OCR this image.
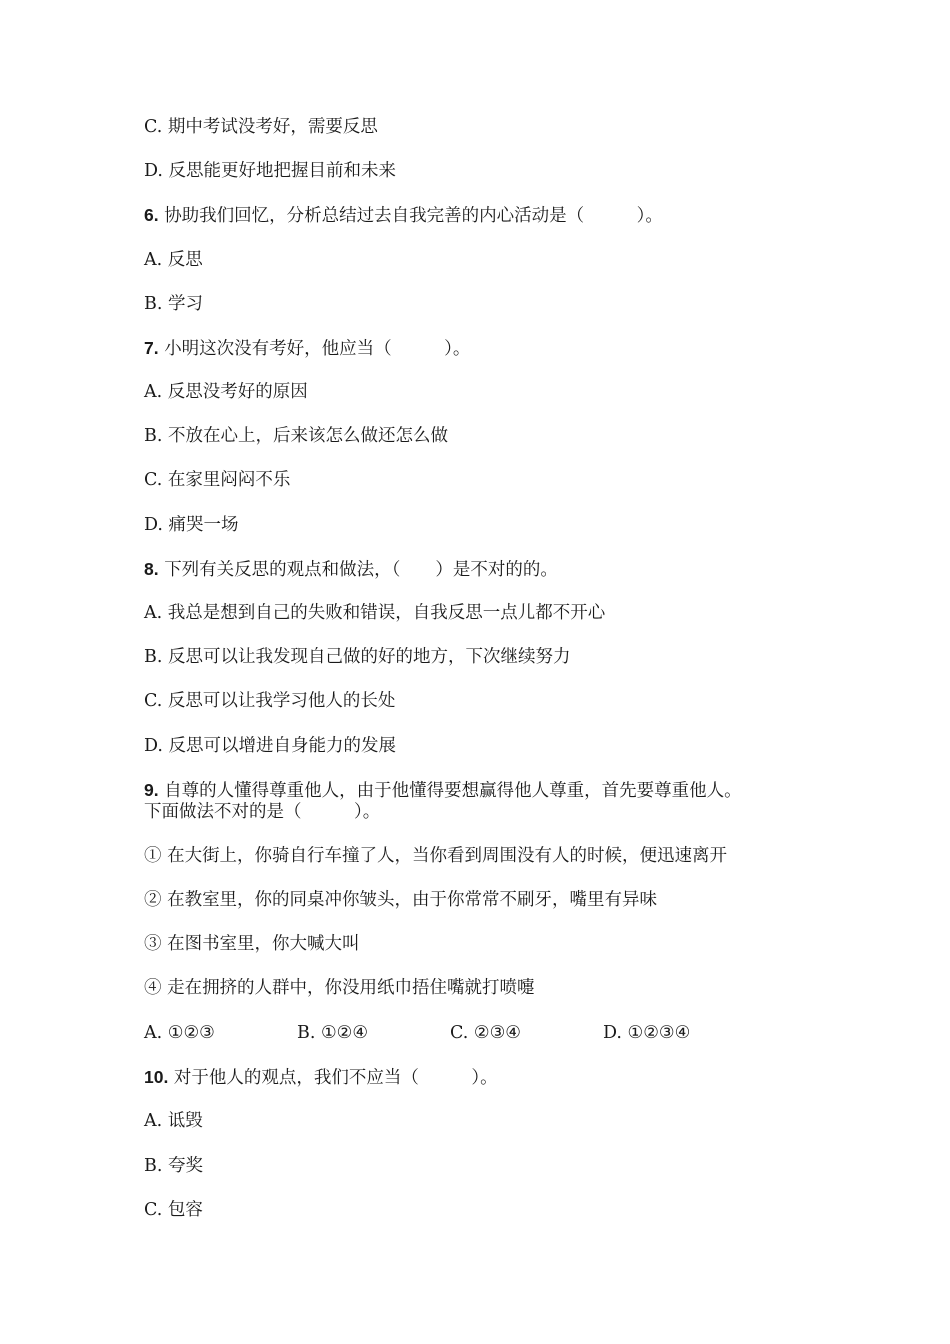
C. 期中考试没考好，需要反思
D. 反思能更好地把握目前和未来
6. 协助我们回忆，分析总结过去自我完善的内心活动是（　　　）。
A. 反思
B. 学习
7. 小明这次没有考好，他应当（　　　）。
A. 反思没考好的原因
B. 不放在心上，后来该怎么做还怎么做
C. 在家里闷闷不乐
D. 痛哭一场
8. 下列有关反思的观点和做法，（　　）是不对的的。
A. 我总是想到自己的失败和错误，自我反思一点儿都不开心
B. 反思可以让我发现自己做的好的地方，下次继续努力
C. 反思可以让我学习他人的长处
D. 反思可以增进自身能力的发展
9. 自尊的人懂得尊重他人，由于他懂得要想赢得他人尊重，首先要尊重他人。
下面做法不对的是（　　　）。
① 在大街上，你骑自行车撞了人，当你看到周围没有人的时候，便迅速离开
② 在教室里，你的同桌冲你皱头，由于你常常不刷牙，嘴里有异味
③ 在图书室里，你大喊大叫
④ 走在拥挤的人群中，你没用纸巾捂住嘴就打喷嚏
A. ①②③	B. ①②④	C. ②③④	D. ①②③④
10. 对于他人的观点，我们不应当（　　　）。
A. 诋毁
B. 夸奖
C. 包容
